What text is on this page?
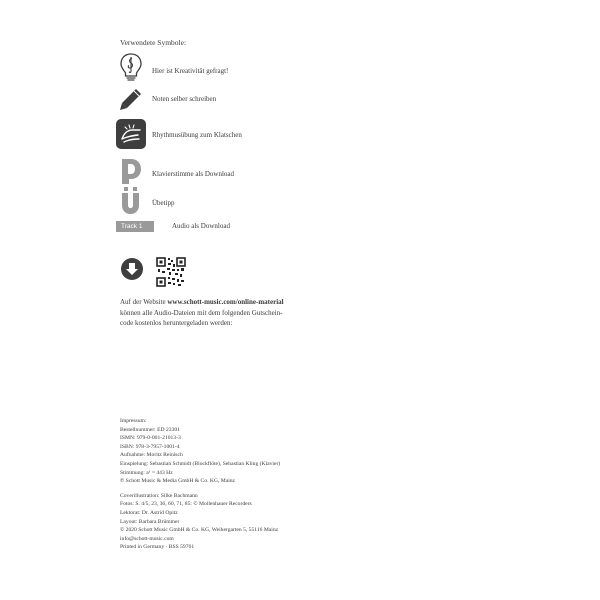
Verwendete Symbole:
Hier ist Kreativität gefragt!
Noten selber schreiben
Rhythmusübung zum Klatschen
Klavierstimme als Download
Übetipp
Track 1	Audio als Download
Auf der Website www.schott-music.com/online-material
können alle Audio-Dateien mit dem folgenden Gutschein-
code kostenlos heruntergeladen werden:
Impressum:
Bestellnummer: ED 23301
ISMN: 979-0-001-21013-3
ISBN: 978-3-7957-1001-4
Aufnahme: Moritz Reinisch
Einspielung: Sebastian Schmidt (Blockflöte), Sebastian Kling (Klavier)
Stimmung: a¹ = 443 Hz
℗ Schott Music & Media GmbH & Co. KG, Mainz
Coverillustration: Silke Bachmann
Fotos: S. 4/5, 23, 36, 60, 71, 85: © Mollenhauer Recorders
Lektorat: Dr. Astrid Opitz
Layout: Barbara Brümmer
© 2020 Schott Music GmbH & Co. KG, Weihergarten 5, 55116 Mainz
info@schott-music.com
Printed in Germany · BSS 59761
